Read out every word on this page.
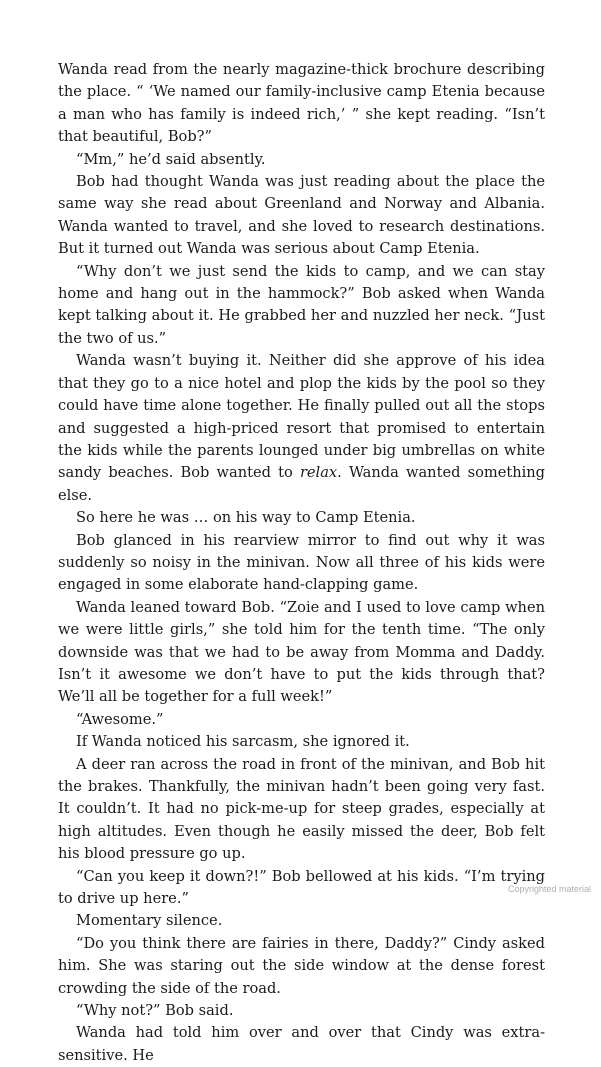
Wanda read from the nearly magazine-thick brochure describing the place. “ ‘We named our family-inclusive camp Etenia because a man who has family is indeed rich,’ ” she kept reading. “Isn’t that beautiful, Bob?”

“Mm,” he’d said absently.

Bob had thought Wanda was just reading about the place the same way she read about Greenland and Norway and Albania. Wanda wanted to travel, and she loved to research destinations. But it turned out Wanda was serious about Camp Etenia.

“Why don’t we just send the kids to camp, and we can stay home and hang out in the hammock?” Bob asked when Wanda kept talking about it. He grabbed her and nuzzled her neck. “Just the two of us.”

Wanda wasn’t buying it. Neither did she approve of his idea that they go to a nice hotel and plop the kids by the pool so they could have time alone together. He finally pulled out all the stops and suggested a high-priced resort that promised to entertain the kids while the parents lounged under big umbrellas on white sandy beaches. Bob wanted to relax. Wanda wanted something else.

So here he was … on his way to Camp Etenia.

Bob glanced in his rearview mirror to find out why it was suddenly so noisy in the minivan. Now all three of his kids were engaged in some elaborate hand-clapping game.

Wanda leaned toward Bob. “Zoie and I used to love camp when we were little girls,” she told him for the tenth time. “The only downside was that we had to be away from Momma and Daddy. Isn’t it awesome we don’t have to put the kids through that? We’ll all be together for a full week!”

“Awesome.”

If Wanda noticed his sarcasm, she ignored it.

A deer ran across the road in front of the minivan, and Bob hit the brakes. Thankfully, the minivan hadn’t been going very fast. It couldn’t. It had no pick-me-up for steep grades, especially at high altitudes. Even though he easily missed the deer, Bob felt his blood pressure go up.

“Can you keep it down?!” Bob bellowed at his kids. “I’m trying to drive up here.”

Momentary silence.

“Do you think there are fairies in there, Daddy?” Cindy asked him. She was staring out the side window at the dense forest crowding the side of the road.

“Why not?” Bob said.

Wanda had told him over and over that Cindy was extra-sensitive. He

Copyrighted material
